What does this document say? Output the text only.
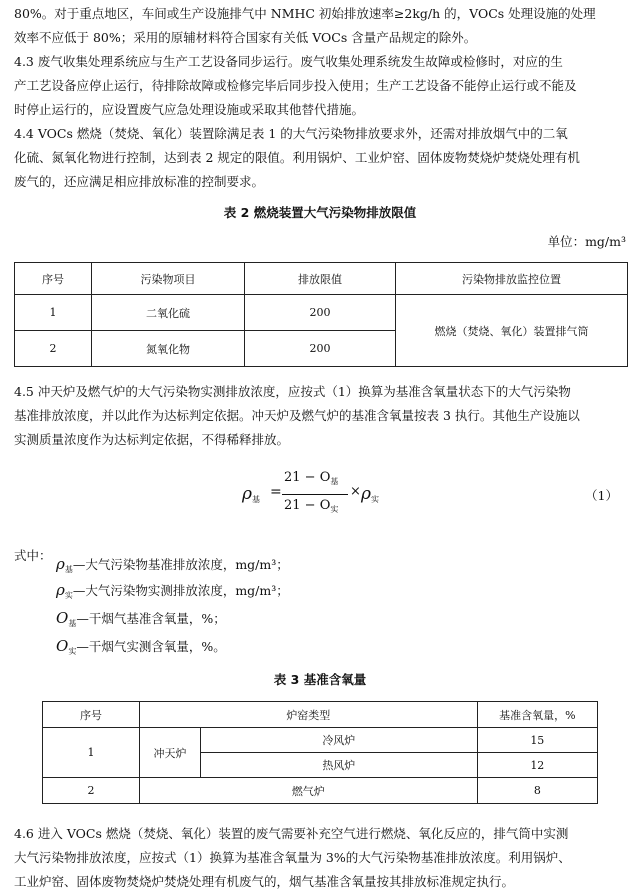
80%。对于重点地区，车间或生产设施排气中 NMHC 初始排放速率≥2kg/h 的，VOCs 处理设施的处理
效率不应低于 80%；采用的原辅材料符合国家有关低 VOCs 含量产品规定的除外。
4.3 废气收集处理系统应与生产工艺设备同步运行。废气收集处理系统发生故障或检修时，对应的生
产工艺设备应停止运行，待排除故障或检修完毕后同步投入使用；生产工艺设备不能停止运行或不能及
时停止运行的，应设置废气应急处理设施或采取其他替代措施。
4.4 VOCs 燃烧（焚烧、氧化）装置除满足表 1 的大气污染物排放要求外，还需对排放烟气中的二氧
化硫、氮氧化物进行控制，达到表 2 规定的限值。利用锅炉、工业炉窑、固体废物焚烧炉焚烧处理有机
废气的，还应满足相应排放标准的控制要求。

表 2 燃烧装置大气污染物排放限值

单位：mg/m³
序号	污染物项目	排放限值	污染物排放监控位置
1	二氧化硫	200	燃烧（焚烧、氧化）装置排气筒
2	氮氧化物	200	
4.5 冲天炉及燃气炉的大气污染物实测排放浓度，应按式（1）换算为基准含氧量状态下的大气污染物
基准排放浓度，并以此作为达标判定依据。冲天炉及燃气炉的基准含氧量按表 3 执行。其他生产设施以
实测质量浓度作为达标判定依据，不得稀释排放。
$\rho_基$ =
$21 - O_基$
$21 - O_实$
× $\rho_实$	（1）
式中： $\rho_基—$大气污染物基准排放浓度，mg/m³；
$\rho_实—$大气污染物实测排放浓度，mg/m³；
$O_基—$干烟气基准含氧量，%；
$O_实—$干烟气实测含氧量，%。

表 3 基准含氧量

序号	炉窑类型		基准含氧量，%
1	冲天炉	冷风炉	15
		热风炉	12
2	燃气炉		8
4.6 进入 VOCs 燃烧（焚烧、氧化）装置的废气需要补充空气进行燃烧、氧化反应的，排气筒中实测
大气污染物排放浓度，应按式（1）换算为基准含氧量为 3%的大气污染物基准排放浓度。利用锅炉、
工业炉窑、固体废物焚烧炉焚烧处理有机废气的，烟气基准含氧量按其排放标准规定执行。
